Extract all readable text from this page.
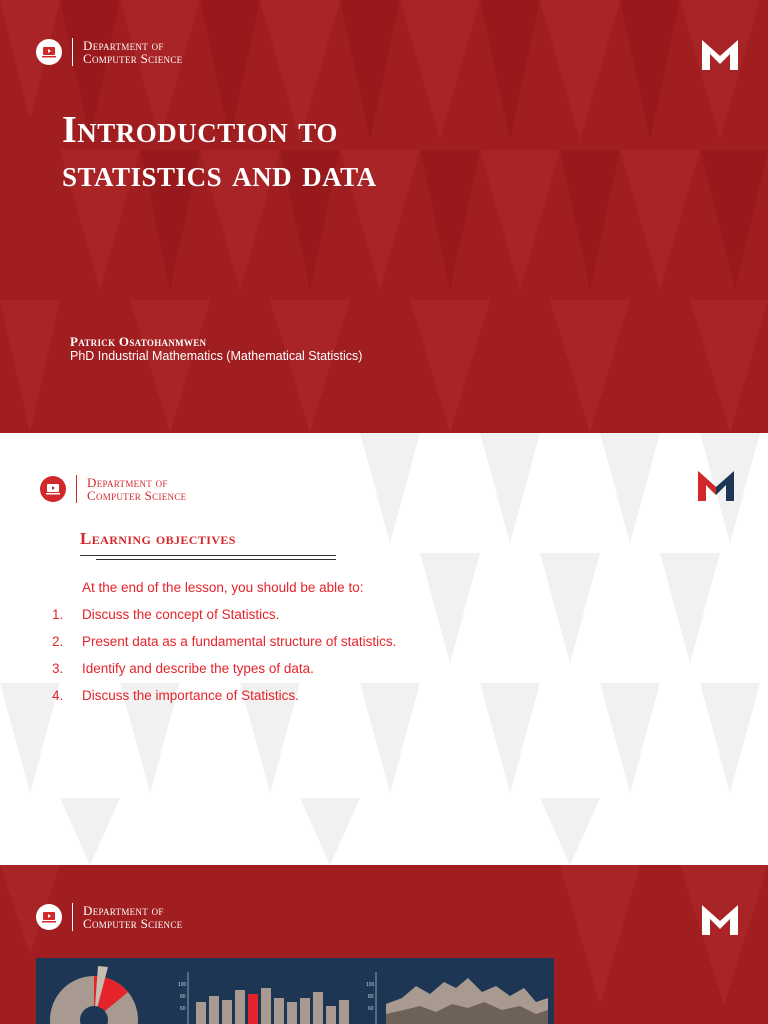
Department of
Computer Science
Introduction to
statistics and data
Patrick Osatohanmwen
PhD Industrial Mathematics (Mathematical Statistics)
Department of
Computer Science
Learning objectives
At the end of the lesson, you should be able to:
1.	Discuss the concept of Statistics.
2.	Present data as a fundamental structure of statistics.
3.	Identify and describe the types of data.
4.	Discuss the importance of Statistics.
Department of
Computer Science
100
80
60
100
80
60
